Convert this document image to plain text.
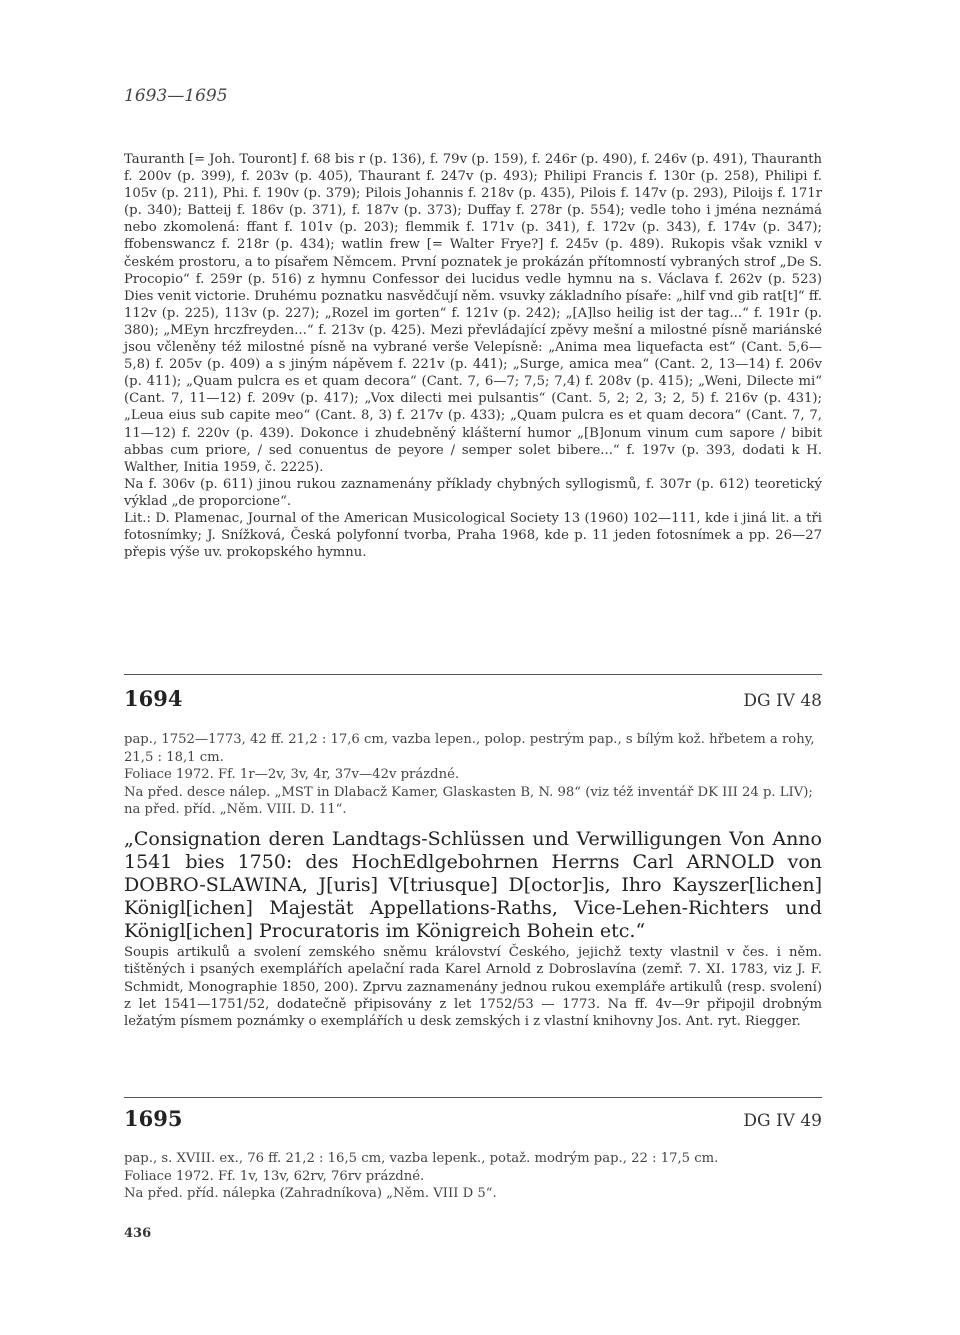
1693—1695

Tauranth [= Joh. Touront] f. 68 bis r (p. 136), f. 79v (p. 159), f. 246r (p. 490), f. 246v (p. 491), Thauranth f. 200v (p. 399), f. 203v (p. 405), Thaurant f. 247v (p. 493); Philipi Francis f. 130r (p. 258), Philipi f. 105v (p. 211), Phi. f. 190v (p. 379); Pilois Johannis f. 218v (p. 435), Pilois f. 147v (p. 293), Piloijs f. 171r (p. 340); Batteij f. 186v (p. 371), f. 187v (p. 373); Duffay f. 278r (p. 554); vedle toho i jména neznámá nebo zkomolená: ffant f. 101v (p. 203); flemmik f. 171v (p. 341), f. 172v (p. 343), f. 174v (p. 347); ffobenswancz f. 218r (p. 434); watlin frew [= Walter Frye?] f. 245v (p. 489). Rukopis však vznikl v českém prostoru, a to písařem Němcem. První poznatek je prokázán přítomností vybraných strof „De S. Procopio“ f. 259r (p. 516) z hymnu Confessor dei lucidus vedle hymnu na s. Václava f. 262v (p. 523) Dies venit victorie. Druhému poznatku nasvědčují něm. vsuvky základního písaře: „hilf vnd gib rat[t]“ ff. 112v (p. 225), 113v (p. 227); „Rozel im gorten“ f. 121v (p. 242); „[A]lso heilig ist der tag...“ f. 191r (p. 380); „MEyn hrczfreyden...“ f. 213v (p. 425). Mezi převládající zpěvy mešní a milostné písně mariánské jsou včleněny též milostné písně na vybrané verše Velepísně: „Anima mea liquefacta est“ (Cant. 5,6—5,8) f. 205v (p. 409) a s jiným nápěvem f. 221v (p. 441); „Surge, amica mea“ (Cant. 2, 13—14) f. 206v (p. 411); „Quam pulcra es et quam decora“ (Cant. 7, 6—7; 7,5; 7,4) f. 208v (p. 415); „Weni, Dilecte mi“ (Cant. 7, 11—12) f. 209v (p. 417); „Vox dilecti mei pulsantis“ (Cant. 5, 2; 2, 3; 2, 5) f. 216v (p. 431); „Leua eius sub capite meo“ (Cant. 8, 3) f. 217v (p. 433); „Quam pulcra es et quam decora“ (Cant. 7, 7, 11—12) f. 220v (p. 439). Dokonce i zhudebněný klášterní humor „[B]onum vinum cum sapore / bibit abbas cum priore, / sed conuentus de peyore / semper solet bibere...“ f. 197v (p. 393, dodati k H. Walther, Initia 1959, č. 2225).

Na f. 306v (p. 611) jinou rukou zaznamenány příklady chybných syllogismů, f. 307r (p. 612) teoretický výklad „de proporcione“.

Lit.: D. Plamenac, Journal of the American Musicological Society 13 (1960) 102—111, kde i jiná lit. a tři fotosnímky; J. Snížková, Česká polyfonní tvorba, Praha 1968, kde p. 11 jeden fotosnímek a pp. 26—27 přepis výše uv. prokopského hymnu.

1694	DG IV 48

pap., 1752—1773, 42 ff. 21,2 : 17,6 cm, vazba lepen., polop. pestrým pap., s bílým kož. hřbetem a rohy, 21,5 : 18,1 cm.

Foliace 1972. Ff. 1r—2v, 3v, 4r, 37v—42v prázdné.

Na před. desce nálep. „MST in Dlabacž Kamer, Glaskasten B, N. 98“ (viz též inventář DK III 24 p. LIV); na před. příd. „Něm. VIII. D. 11“.

„Consignation deren Landtags-Schlüssen und Verwilligungen Von Anno 1541 bies 1750: des HochEdlgebohrnen Herrns Carl ARNOLD von DOBRO-SLAWINA, J[uris] V[triusque] D[octor]is, Ihro Kayszer[lichen] Königl[ichen] Majestät Appellations-Raths, Vice-Lehen-Richters und Königl[ichen] Procuratoris im Königreich Bohein etc.“
Soupis artikulů a svolení zemského sněmu království Českého, jejichž texty vlastnil v čes. i něm. tištěných i psaných exemplářích apelační rada Karel Arnold z Dobroslavína (zemř. 7. XI. 1783, viz J. F. Schmidt, Monographie 1850, 200). Zprvu zaznamenány jednou rukou exempláře artikulů (resp. svolení) z let 1541—1751/52, dodatečně připisovány z let 1752/53 — 1773. Na ff. 4v—9r připojil drobným ležatým písmem poznámky o exemplářích u desk zemských i z vlastní knihovny Jos. Ant. ryt. Riegger.
1695	DG IV 49

pap., s. XVIII. ex., 76 ff. 21,2 : 16,5 cm, vazba lepenk., potaž. modrým pap., 22 : 17,5 cm.

Foliace 1972. Ff. 1v, 13v, 62rv, 76rv prázdné.

Na před. příd. nálepka (Zahradníkova) „Něm. VIII D 5“.

436
